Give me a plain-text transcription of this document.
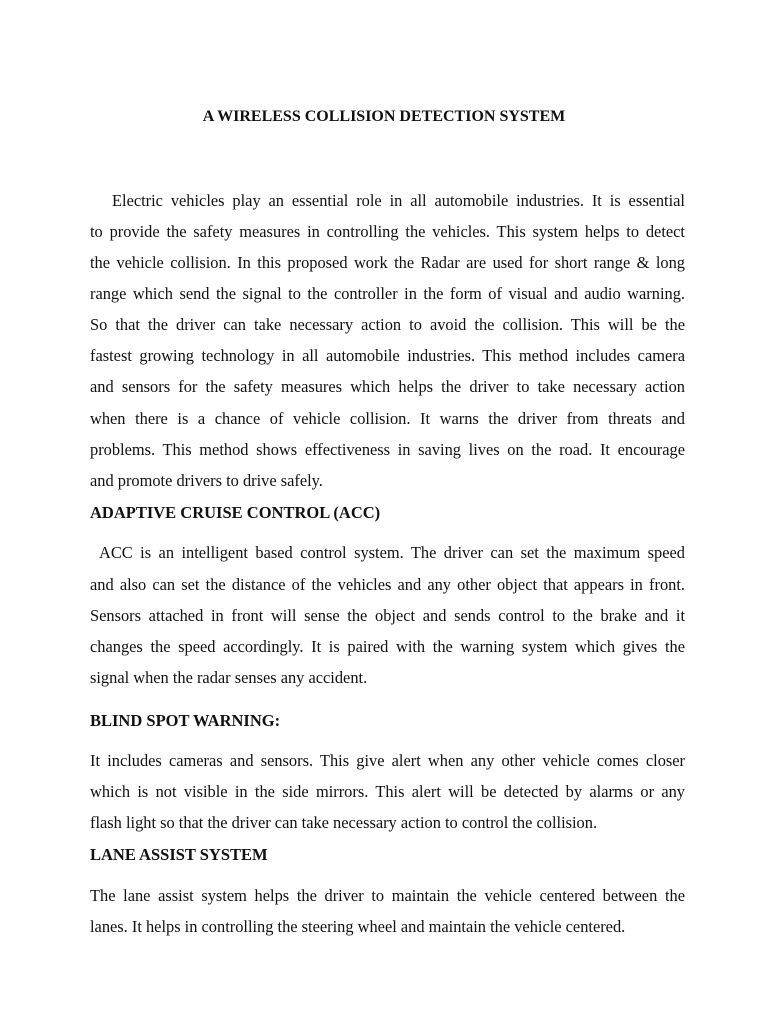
A WIRELESS COLLISION DETECTION SYSTEM
Electric vehicles play an essential role in all automobile industries. It is essential
to provide the safety measures in controlling the vehicles. This system helps to detect
the vehicle collision. In this proposed work the Radar are used for short range & long
range which send the signal to the controller in the form of visual and audio warning.
So that the driver can take necessary action to avoid the collision. This will be the
fastest growing technology in all automobile industries. This method includes camera
and sensors for the safety measures which helps the driver to take necessary action
when there is a chance of vehicle collision. It warns the driver from threats and
problems. This method shows effectiveness in saving lives on the road. It encourage
and promote drivers to drive safely.
ADAPTIVE CRUISE CONTROL (ACC)
ACC is an intelligent based control system. The driver can set the maximum speed
and also can set the distance of the vehicles and any other object that appears in front.
Sensors attached in front will sense the object and sends control to the brake and it
changes the speed accordingly. It is paired with the warning system which gives the
signal when the radar senses any accident.
BLIND SPOT WARNING:
It includes cameras and sensors. This give alert when any other vehicle comes closer
which is not visible in the side mirrors. This alert will be detected by alarms or any
flash light so that the driver can take necessary action to control the collision.
LANE ASSIST SYSTEM
The lane assist system helps the driver to maintain the vehicle centered between the
lanes. It helps in controlling the steering wheel and maintain the vehicle centered.
